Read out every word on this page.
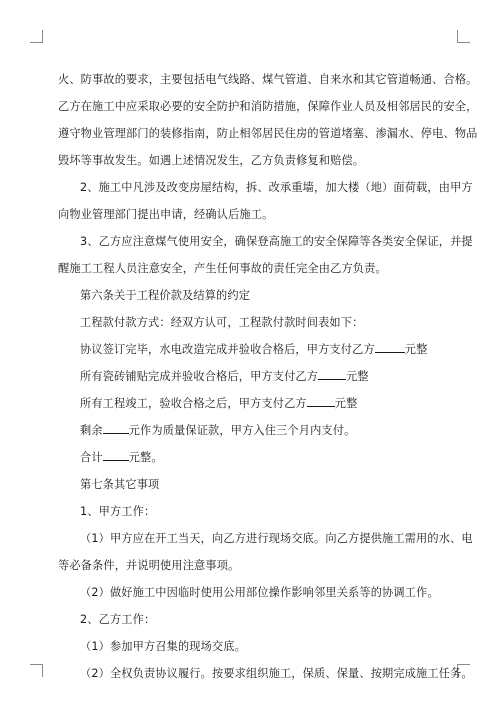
火、防事故的要求，主要包括电气线路、煤气管道、自来水和其它管道畅通、合格。
乙方在施工中应采取必要的安全防护和消防措施，保障作业人员及相邻居民的安全，
遵守物业管理部门的装修指南，防止相邻居民住房的管道堵塞、渗漏水、停电、物品
毁坏等事故发生。如遇上述情况发生，乙方负责修复和赔偿。
2、施工中凡涉及改变房屋结构，拆、改承重墙，加大楼（地）面荷载，由甲方
向物业管理部门提出申请，经确认后施工。
3、乙方应注意煤气使用安全，确保登高施工的安全保障等各类安全保证，并提
醒施工工程人员注意安全，产生任何事故的责任完全由乙方负责。
第六条关于工程价款及结算的约定
工程款付款方式：经双方认可，工程款付款时间表如下：
协议签订完毕，水电改造完成并验收合格后，甲方支付乙方	元整
所有瓷砖铺贴完成并验收合格后，甲方支付乙方	元整
所有工程竣工，验收合格之后，甲方支付乙方	元整
剩余 元作为质量保证款，甲方入住三个月内支付。
合计 元整。
第七条其它事项
1、甲方工作：
（1）甲方应在开工当天，向乙方进行现场交底。向乙方提供施工需用的水、电
等必备条件，并说明使用注意事项。
（2）做好施工中因临时使用公用部位操作影响邻里关系等的协调工作。
2、乙方工作：
（1）参加甲方召集的现场交底。
（2）全权负责协议履行。按要求组织施工，保质、保量、按期完成施工任务。
